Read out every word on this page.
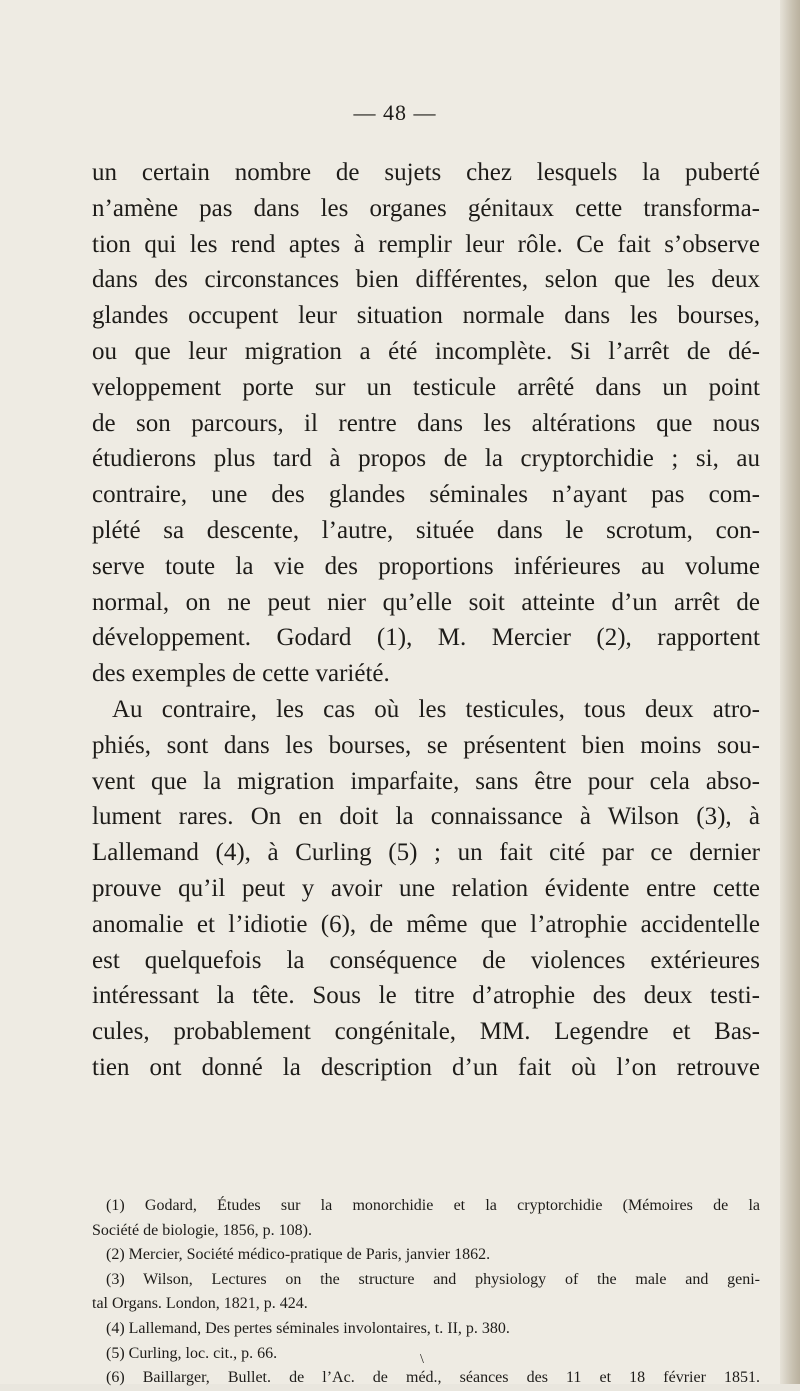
— 48 —
un certain nombre de sujets chez lesquels la puberté
n’amène pas dans les organes génitaux cette transforma-
tion qui les rend aptes à remplir leur rôle. Ce fait s’observe
dans des circonstances bien différentes, selon que les deux
glandes occupent leur situation normale dans les bourses,
ou que leur migration a été incomplète. Si l’arrêt de dé-
veloppement porte sur un testicule arrêté dans un point
de son parcours, il rentre dans les altérations que nous
étudierons plus tard à propos de la cryptorchidie ; si, au
contraire, une des glandes séminales n’ayant pas com-
plété sa descente, l’autre, située dans le scrotum, con-
serve toute la vie des proportions inférieures au volume
normal, on ne peut nier qu’elle soit atteinte d’un arrêt de
développement. Godard (1), M. Mercier (2), rapportent
des exemples de cette variété.
Au contraire, les cas où les testicules, tous deux atro-
phiés, sont dans les bourses, se présentent bien moins sou-
vent que la migration imparfaite, sans être pour cela abso-
lument rares. On en doit la connaissance à Wilson (3), à
Lallemand (4), à Curling (5) ; un fait cité par ce dernier
prouve qu’il peut y avoir une relation évidente entre cette
anomalie et l’idiotie (6), de même que l’atrophie accidentelle
est quelquefois la conséquence de violences extérieures
intéressant la tête. Sous le titre d’atrophie des deux testi-
cules, probablement congénitale, MM. Legendre et Bas-
tien ont donné la description d’un fait où l’on retrouve
(1) Godard, Études sur la monorchidie et la cryptorchidie (Mémoires de la
Société de biologie, 1856, p. 108).
(2) Mercier, Société médico-pratique de Paris, janvier 1862.
(3) Wilson, Lectures on the structure and physiology of the male and geni-
tal Organs. London, 1821, p. 424.
(4) Lallemand, Des pertes séminales involontaires, t. II, p. 380.
(5) Curling, loc. cit., p. 66.
(6) Baillarger, Bullet. de l’Ac. de méd., séances des 11 et 18 février 1851.
\
